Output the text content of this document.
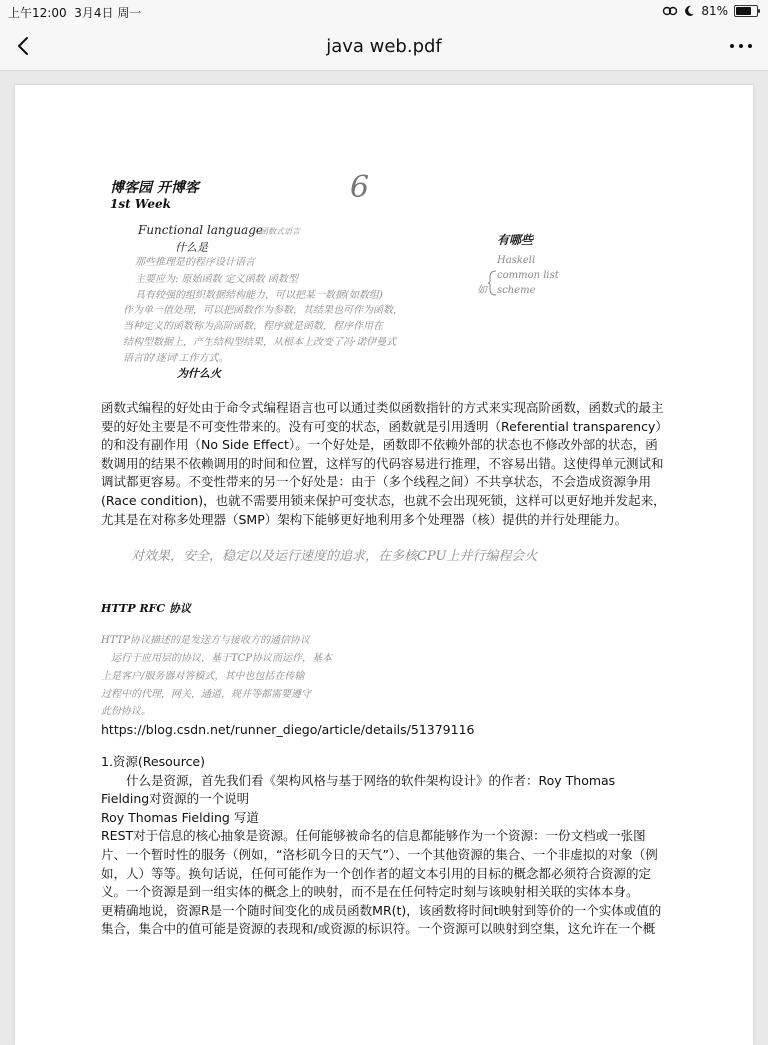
上午12:00 3月4日 周一	81%
java web.pdf
6
博客园 开博客
1st Week
Functional language
函数式语言
什么是
那些推理是的程序设计语言
主要应为: 原始函数 定义函数 函数型
具有较强的组织数据结构能力，可以把某一数据(如数组)
作为单一值处理，可以把函数作为参数，其结果也可作为函数，
当种定义的函数称为高阶函数，程序就是函数，程序作用在
结构型数据上，产生结构型结果，从根本上改变了冯·诺伊曼式
语言的'逐词'工作方式。
为什么火
有哪些
Haskell
common list
scheme
如

函数式编程的好处由于命令式编程语言也可以通过类似函数指针的方式来实现高阶函数，函数式的最主要的好处主要是不可变性带来的。没有可变的状态，函数就是引用透明（Referential transparency）的和没有副作用（No Side Effect）。一个好处是，函数即不依赖外部的状态也不修改外部的状态，函数调用的结果不依赖调用的时间和位置，这样写的代码容易进行推理，不容易出错。这使得单元测试和调试都更容易。不变性带来的另一个好处是：由于（多个线程之间）不共享状态，不会造成资源争用(Race condition)，也就不需要用锁来保护可变状态，也就不会出现死锁，这样可以更好地并发起来，尤其是在对称多处理器（SMP）架构下能够更好地利用多个处理器（核）提供的并行处理能力。

对效果，安全，稳定以及运行速度的追求，在多核CPU上并行编程会火
HTTP RFC 协议
HTTP协议描述的是发送方与接收方的通信协议
运行于应用层的协议，基于TCP协议而运作，基本
上是客户/服务器对答模式，其中也包括在传输
过程中的代理，网关，通道，规并等都需要遵守
此份协议。
https://blog.csdn.net/runner_diego/article/details/51379116

1.资源(Resource)

　　什么是资源，首先我们看《架构风格与基于网络的软件架构设计》的作者：Roy Thomas Fielding对资源的一个说明

Roy Thomas Fielding 写道

REST对于信息的核心抽象是资源。任何能够被命名的信息都能够作为一个资源：一份文档或一张图片、一个暂时性的服务（例如，“洛杉矶今日的天气”）、一个其他资源的集合、一个非虚拟的对象（例如，人）等等。换句话说，任何可能作为一个创作者的超文本引用的目标的概念都必须符合资源的定义。一个资源是到一组实体的概念上的映射，而不是在任何特定时刻与该映射相关联的实体本身。

更精确地说，资源R是一个随时间变化的成员函数MR(t)，该函数将时间t映射到等价的一个实体或值的集合，集合中的值可能是资源的表现和/或资源的标识符。一个资源可以映射到空集，这允许在一个概
